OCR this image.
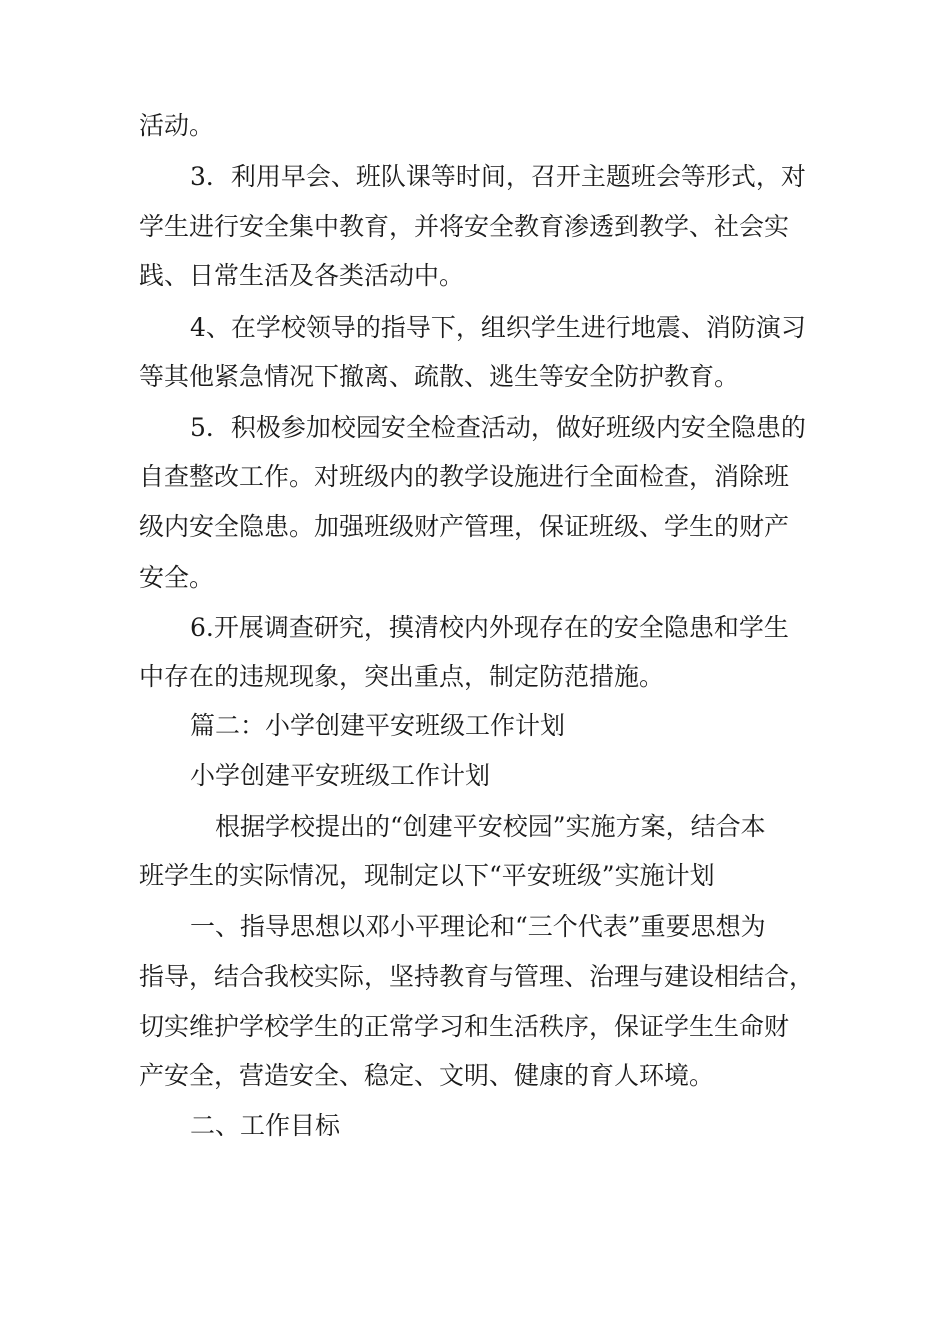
活动。
3．利用早会、班队课等时间，召开主题班会等形式，对
学生进行安全集中教育，并将安全教育渗透到教学、社会实
践、日常生活及各类活动中。
4、在学校领导的指导下，组织学生进行地震、消防演习
等其他紧急情况下撤离、疏散、逃生等安全防护教育。
5．积极参加校园安全检查活动，做好班级内安全隐患的
自查整改工作。对班级内的教学设施进行全面检查，消除班
级内安全隐患。加强班级财产管理，保证班级、学生的财产
安全。
6.开展调查研究，摸清校内外现存在的安全隐患和学生
中存在的违规现象，突出重点，制定防范措施。
篇二：小学创建平安班级工作计划
小学创建平安班级工作计划
根据学校提出的“创建平安校园”实施方案，结合本
班学生的实际情况，现制定以下“平安班级”实施计划
一、指导思想以邓小平理论和“三个代表”重要思想为
指导，结合我校实际，坚持教育与管理、治理与建设相结合，
切实维护学校学生的正常学习和生活秩序，保证学生生命财
产安全，营造安全、稳定、文明、健康的育人环境。
二、工作目标
